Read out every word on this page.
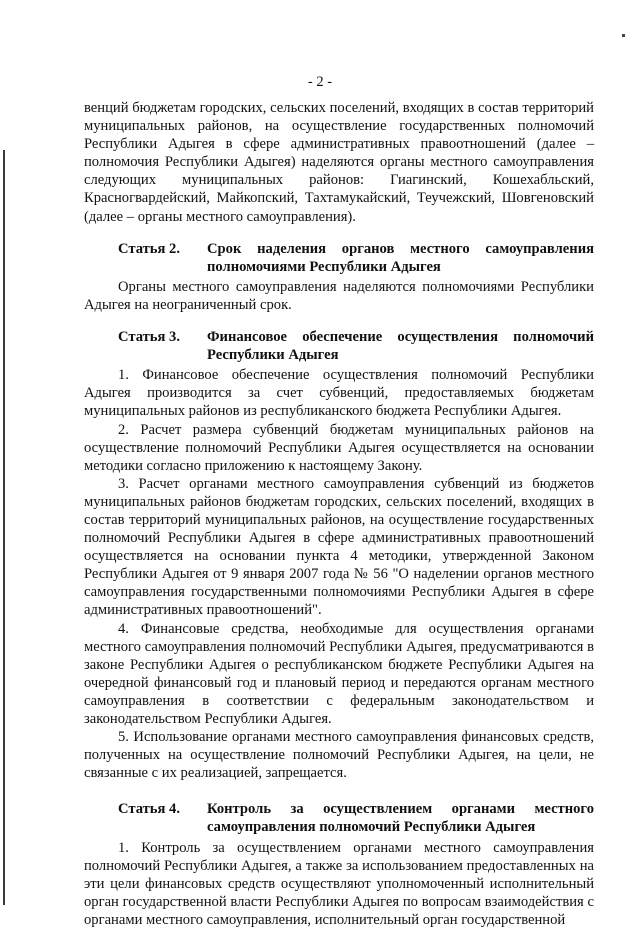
- 2 -

венций бюджетам городских, сельских поселений, входящих в состав территорий муниципальных районов, на осуществление государственных полномочий Республики Адыгея в сфере административных правоотношений (далее – полномочия Республики Адыгея) наделяются органы местного самоуправления следующих муниципальных районов: Гиагинский, Кошехабльский, Красногвардейский, Майкопский, Тахтамукайский, Теучежский, Шовгеновский (далее – органы местного самоуправления).

Статья 2.	Срок наделения органов местного самоуправления полномочиями Республики Адыгея

Органы местного самоуправления наделяются полномочиями Республики Адыгея на неограниченный срок.

Статья 3.	Финансовое обеспечение осуществления полномочий Республики Адыгея

1. Финансовое обеспечение осуществления полномочий Республики Адыгея производится за счет субвенций, предоставляемых бюджетам муниципальных районов из республиканского бюджета Республики Адыгея.

2. Расчет размера субвенций бюджетам муниципальных районов на осуществление полномочий Республики Адыгея осуществляется на основании методики согласно приложению к настоящему Закону.

3. Расчет органами местного самоуправления субвенций из бюджетов муниципальных районов бюджетам городских, сельских поселений, входящих в состав территорий муниципальных районов, на осуществление государственных полномочий Республики Адыгея в сфере административных правоотношений осуществляется на основании пункта 4 методики, утвержденной Законом Республики Адыгея от 9 января 2007 года № 56 "О наделении органов местного самоуправления государственными полномочиями Республики Адыгея в сфере административных правоотношений".

4. Финансовые средства, необходимые для осуществления органами местного самоуправления полномочий Республики Адыгея, предусматриваются в законе Республики Адыгея о республиканском бюджете Республики Адыгея на очередной финансовый год и плановый период и передаются органам местного самоуправления в соответствии с федеральным законодательством и законодательством Республики Адыгея.

5. Использование органами местного самоуправления финансовых средств, полученных на осуществление полномочий Республики Адыгея, на цели, не связанные с их реализацией, запрещается.

Статья 4.	Контроль за осуществлением органами местного самоуправления полномочий Республики Адыгея

1. Контроль за осуществлением органами местного самоуправления полномочий Республики Адыгея, а также за использованием предоставленных на эти цели финансовых средств осуществляют уполномоченный исполнительный орган государственной власти Республики Адыгея по вопросам взаимодействия с органами местного самоуправления, исполнительный орган государственной
